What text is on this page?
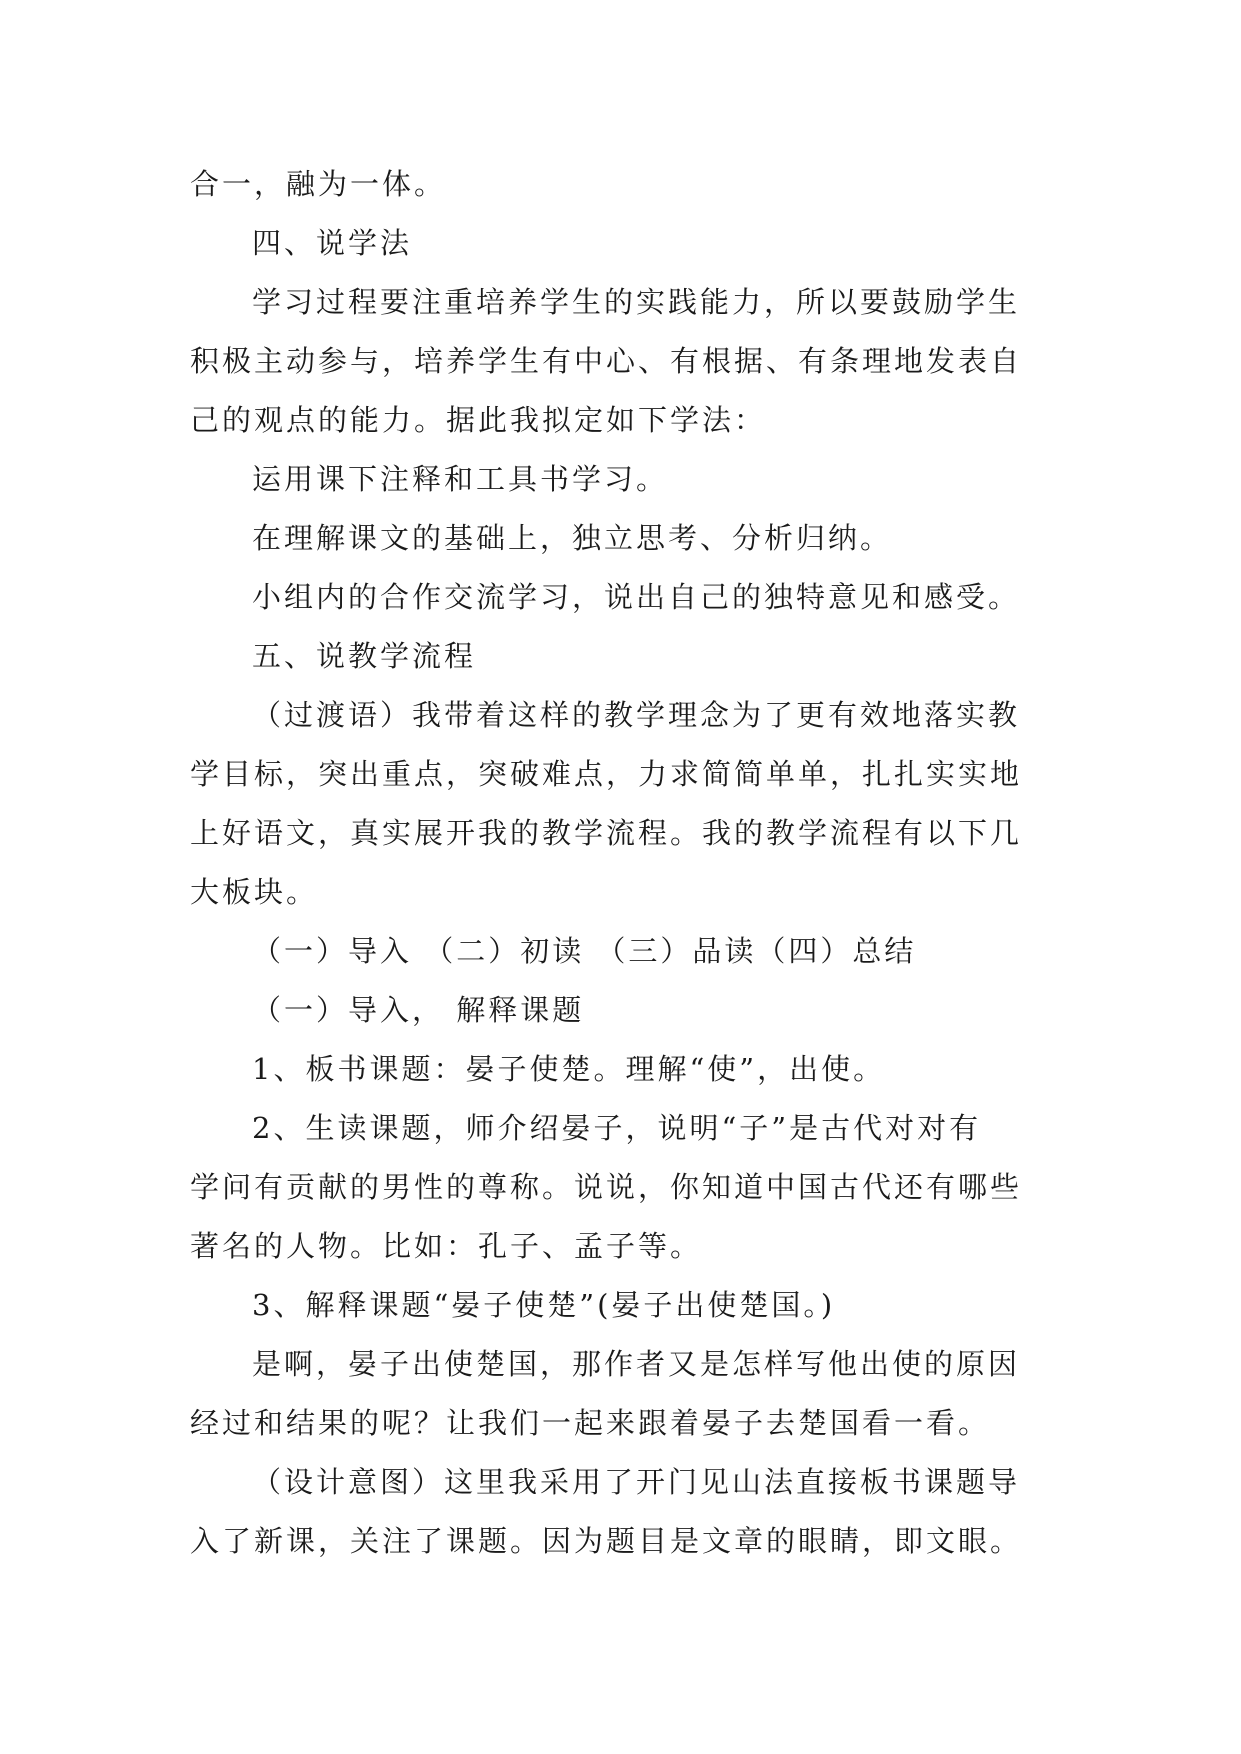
合一，融为一体。
四、说学法
学习过程要注重培养学生的实践能力，所以要鼓励学生
积极主动参与，培养学生有中心、有根据、有条理地发表自
己的观点的能力。据此我拟定如下学法：
运用课下注释和工具书学习。
在理解课文的基础上，独立思考、分析归纳。
小组内的合作交流学习，说出自己的独特意见和感受。
五、说教学流程
（过渡语）我带着这样的教学理念为了更有效地落实教
学目标，突出重点，突破难点，力求简简单单，扎扎实实地
上好语文，真实展开我的教学流程。我的教学流程有以下几
大板块。
（一）导入 （二）初读 （三）品读（四）总结
（一）导入， 解释课题
1、板书课题：晏子使楚。理解“使”，出使。
2、生读课题，师介绍晏子，说明“子”是古代对对有
学问有贡献的男性的尊称。说说，你知道中国古代还有哪些
著名的人物。比如：孔子、孟子等。
3、解释课题“晏子使楚”(晏子出使楚国。)
是啊，晏子出使楚国，那作者又是怎样写他出使的原因
经过和结果的呢？让我们一起来跟着晏子去楚国看一看。
（设计意图）这里我采用了开门见山法直接板书课题导
入了新课，关注了课题。因为题目是文章的眼睛，即文眼。
